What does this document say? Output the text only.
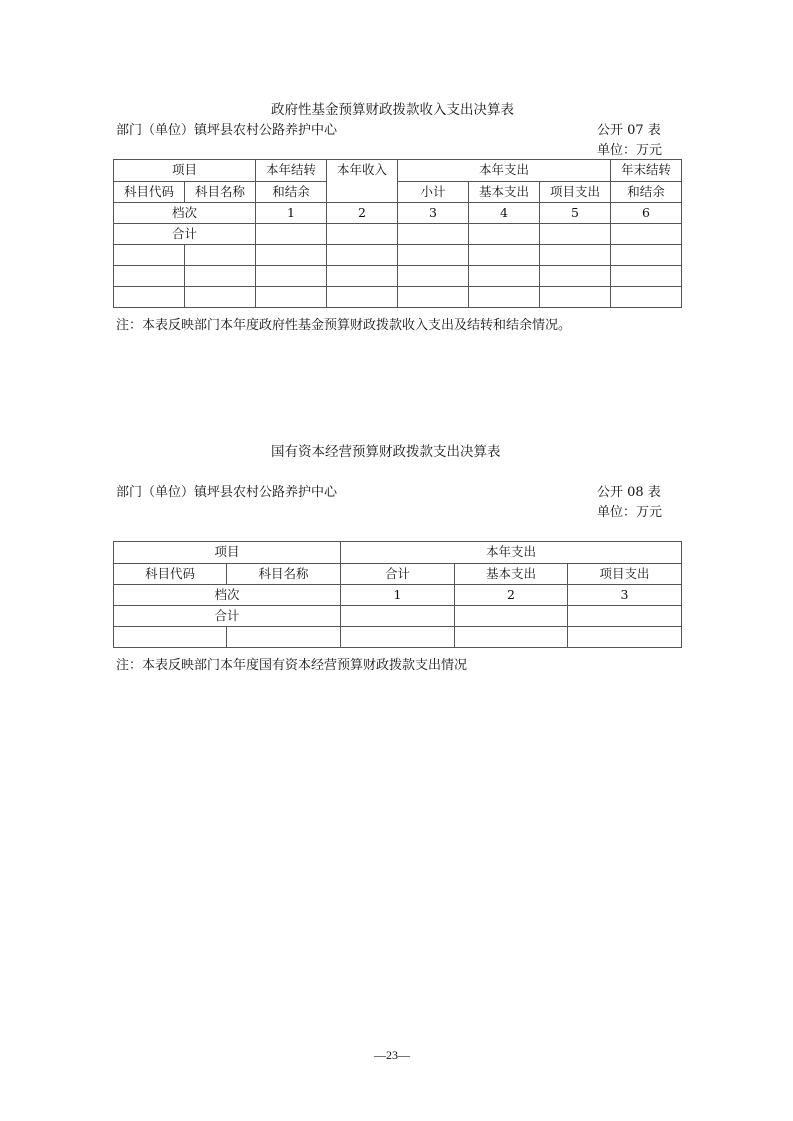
政府性基金预算财政拨款收入支出决算表
部门（单位）镇坪县农村公路养护中心	公开 07 表
单位：万元
项目		本年结转	本年收入	本年支出			年末结转
科目代码	科目名称	和结余		小计	基本支出	项目支出	和结余
档次		1	2	3	4	5	6
合计							

注：本表反映部门本年度政府性基金预算财政拨款收入支出及结转和结余情况。
国有资本经营预算财政拨款支出决算表
部门（单位）镇坪县农村公路养护中心	公开 08 表
单位：万元
项目		本年支出		
科目代码	科目名称	合计	基本支出	项目支出
档次		1	2	3
合计				

注：本表反映部门本年度国有资本经营预算财政拨款支出情况
—23—
